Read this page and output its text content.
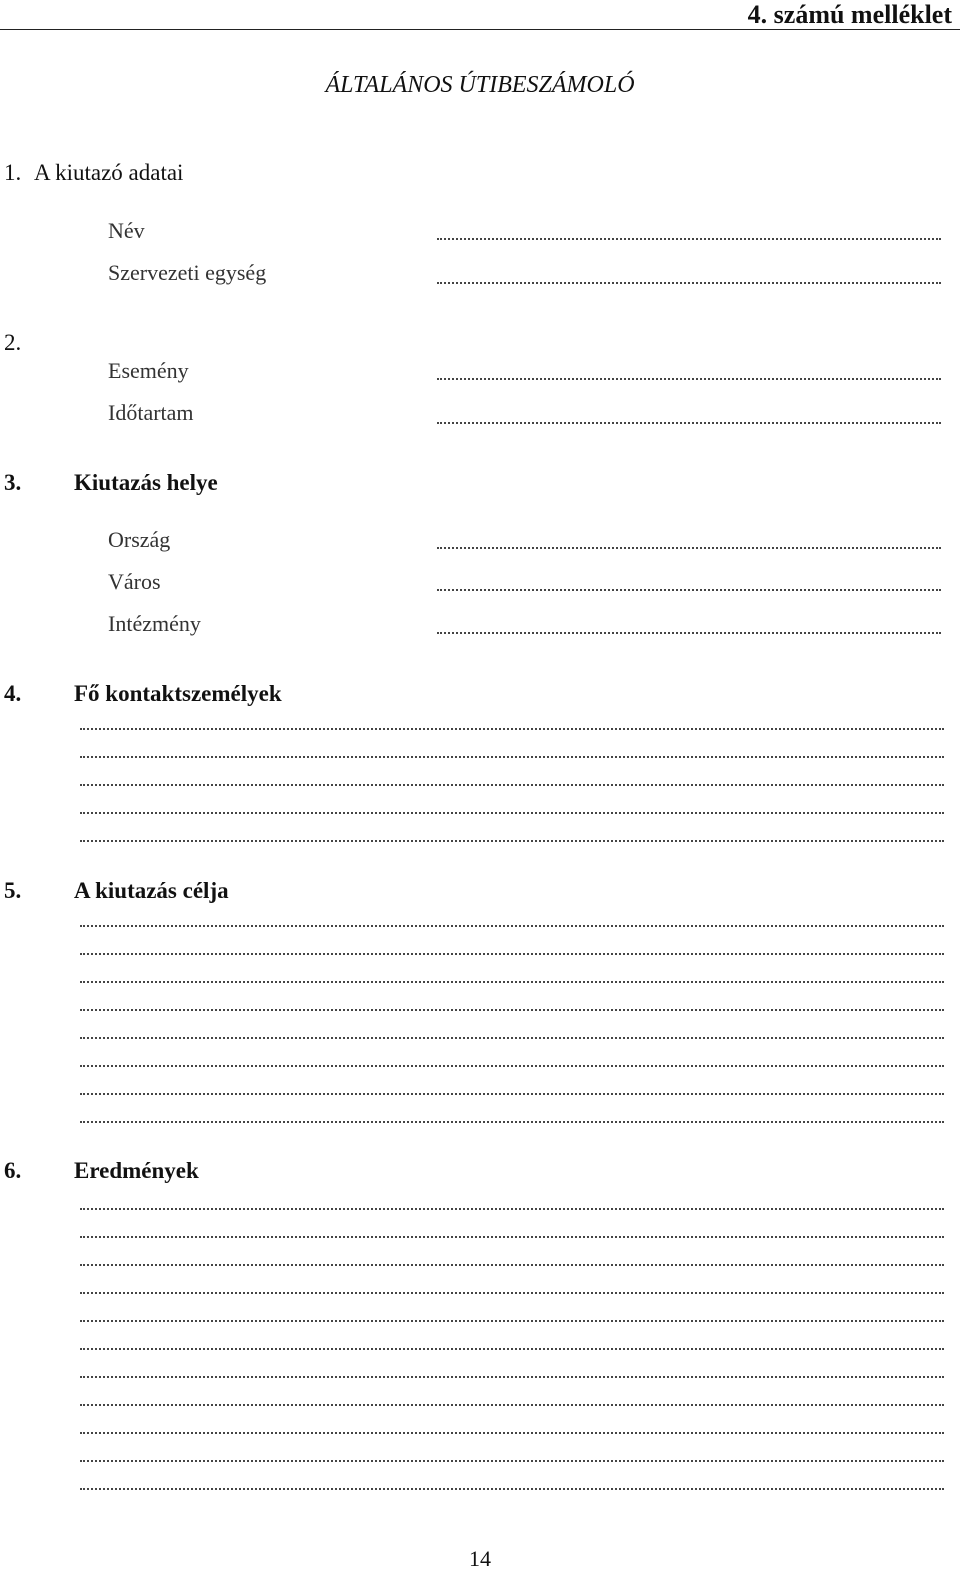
4. számú melléklet
ÁLTALÁNOS ÚTIBESZÁMOLÓ
1. A kiutazó adatai
Név
Szervezeti egység
2.
Esemény
Időtartam
3. Kiutazás helye
Ország
Város
Intézmény
4. Fő kontaktszemélyek
5. A kiutazás célja
6. Eredmények
14
